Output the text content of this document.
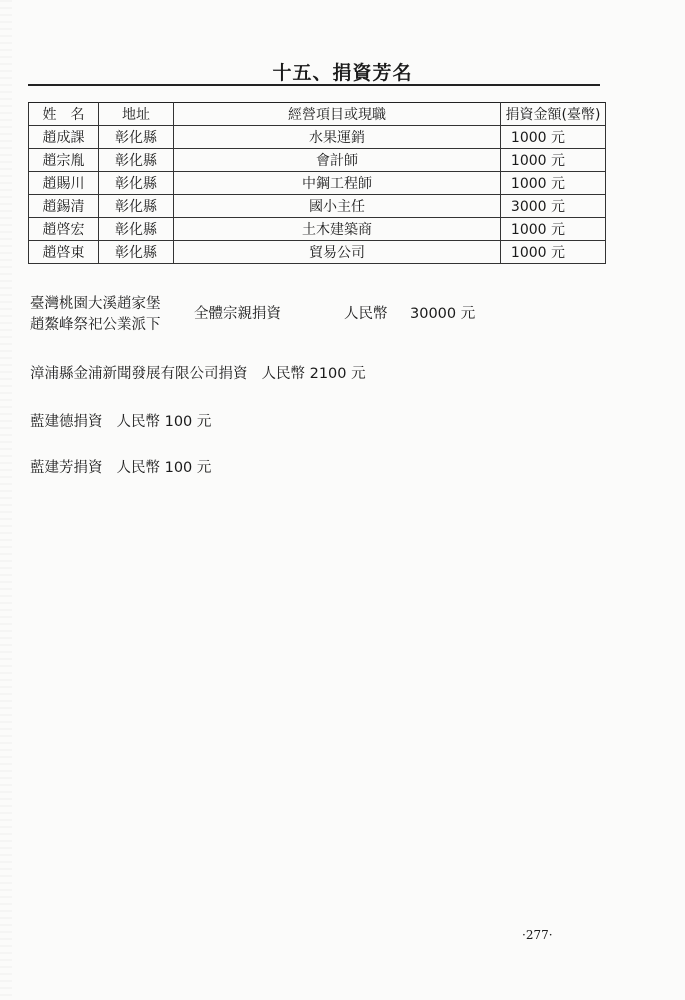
十五、捐資芳名
姓　名	地址	經營項目或現職	捐資金額(臺幣)
趙成課	彰化縣	水果運銷	1000 元
趙宗胤	彰化縣	會計師	1000 元
趙賜川	彰化縣	中鋼工程師	1000 元
趙錫清	彰化縣	國小主任	3000 元
趙啓宏	彰化縣	土木建築商	1000 元
趙啓東	彰化縣	貿易公司	1000 元
臺灣桃園大溪趙家堡
趙鰲峰祭祀公業派下
全體宗親捐資	人民幣 30000 元
漳浦縣金浦新聞發展有限公司捐資 人民幣 2100 元
藍建德捐資 人民幣 100 元
藍建芳捐資 人民幣 100 元
·277·
